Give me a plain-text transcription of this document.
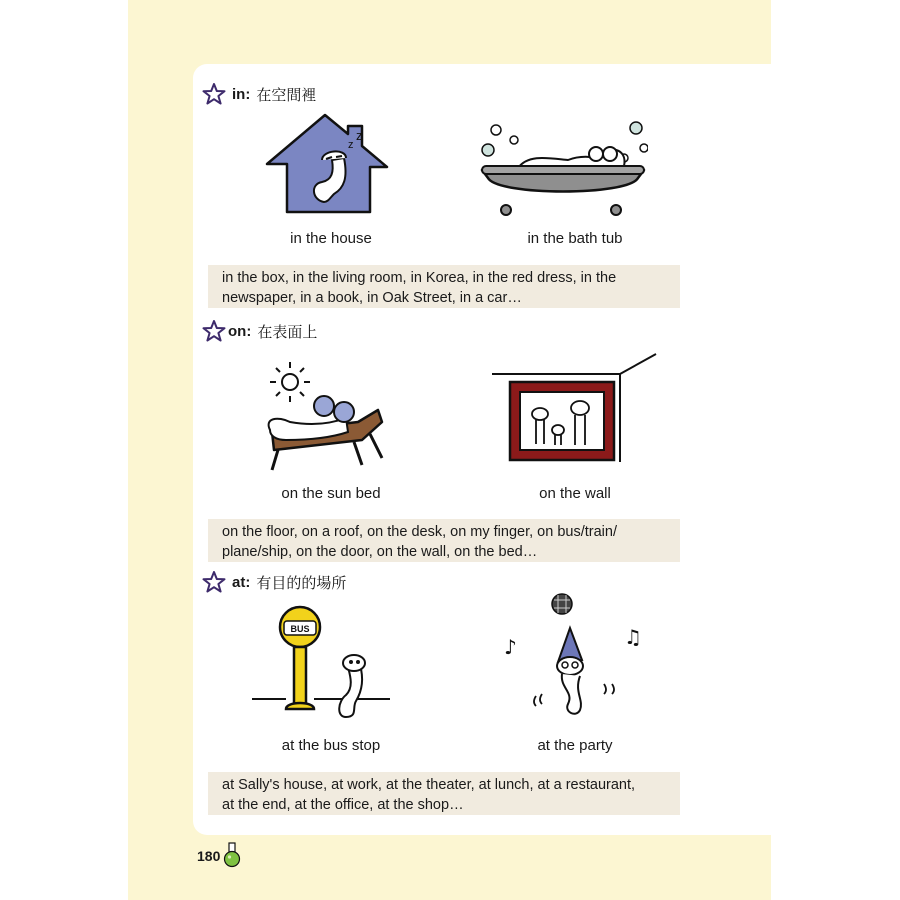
in: 在空間裡
z
z
in the house	in the bath tub
in the box, in the living room, in Korea, in the red dress, in the
newspaper, in a book, in Oak Street, in a car…
on: 在表面上
on the sun bed	on the wall
on the floor, on a roof, on the desk, on my finger, on bus/train/
plane/ship, on the door, on the wall, on the bed…
at: 有目的的場所
BUS
♪	♫
at the bus stop	at the party
at Sally's house, at work, at the theater, at lunch, at a restaurant,
at the end, at the office, at the shop…
180
